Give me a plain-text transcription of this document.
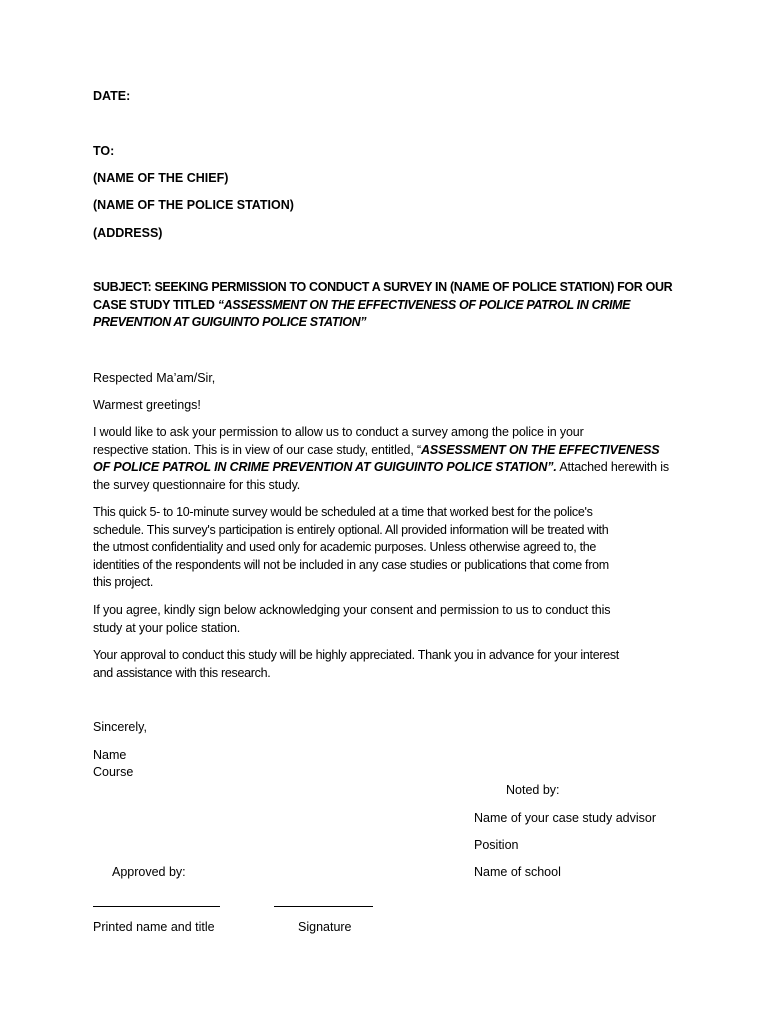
DATE:
TO:
(NAME OF THE CHIEF)
(NAME OF THE POLICE STATION)
(ADDRESS)
SUBJECT: SEEKING PERMISSION TO CONDUCT A SURVEY IN (NAME OF POLICE STATION) FOR OUR
CASE STUDY TITLED “ASSESSMENT ON THE EFFECTIVENESS OF POLICE PATROL IN CRIME
PREVENTION AT GUIGUINTO POLICE STATION”
Respected Ma’am/Sir,
Warmest greetings!
I would like to ask your permission to allow us to conduct a survey among the police in your
respective station. This is in view of our case study, entitled, “ASSESSMENT ON THE EFFECTIVENESS
OF POLICE PATROL IN CRIME PREVENTION AT GUIGUINTO POLICE STATION”. Attached herewith is
the survey questionnaire for this study.
This quick 5- to 10-minute survey would be scheduled at a time that worked best for the police's
schedule. This survey's participation is entirely optional. All provided information will be treated with
the utmost confidentiality and used only for academic purposes. Unless otherwise agreed to, the
identities of the respondents will not be included in any case studies or publications that come from
this project.
If you agree, kindly sign below acknowledging your consent and permission to us to conduct this
study at your police station.
Your approval to conduct this study will be highly appreciated. Thank you in advance for your interest
and assistance with this research.
Sincerely,
Name
Course
Noted by:
Name of your case study advisor
Position
Name of school
Approved by:
Printed name and title	Signature
